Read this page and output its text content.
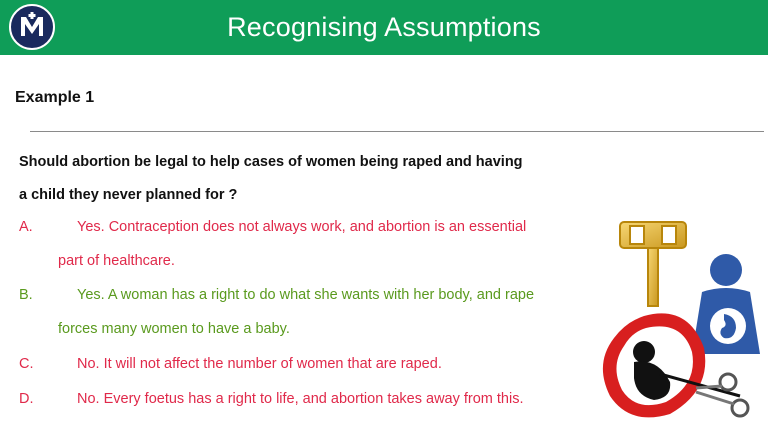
Recognising Assumptions
Example 1
Should abortion be legal to help cases of women being raped and having
a child they never planned for ?
A.	Yes. Contraception does not always work, and abortion is an essential
part of healthcare.
B.	Yes. A woman has a right to do what she wants with her body, and rape
forces many women to have a baby.
C.	No. It will not affect the number of women that are raped.
D.	No. Every foetus has a right to life, and abortion takes away from this.
